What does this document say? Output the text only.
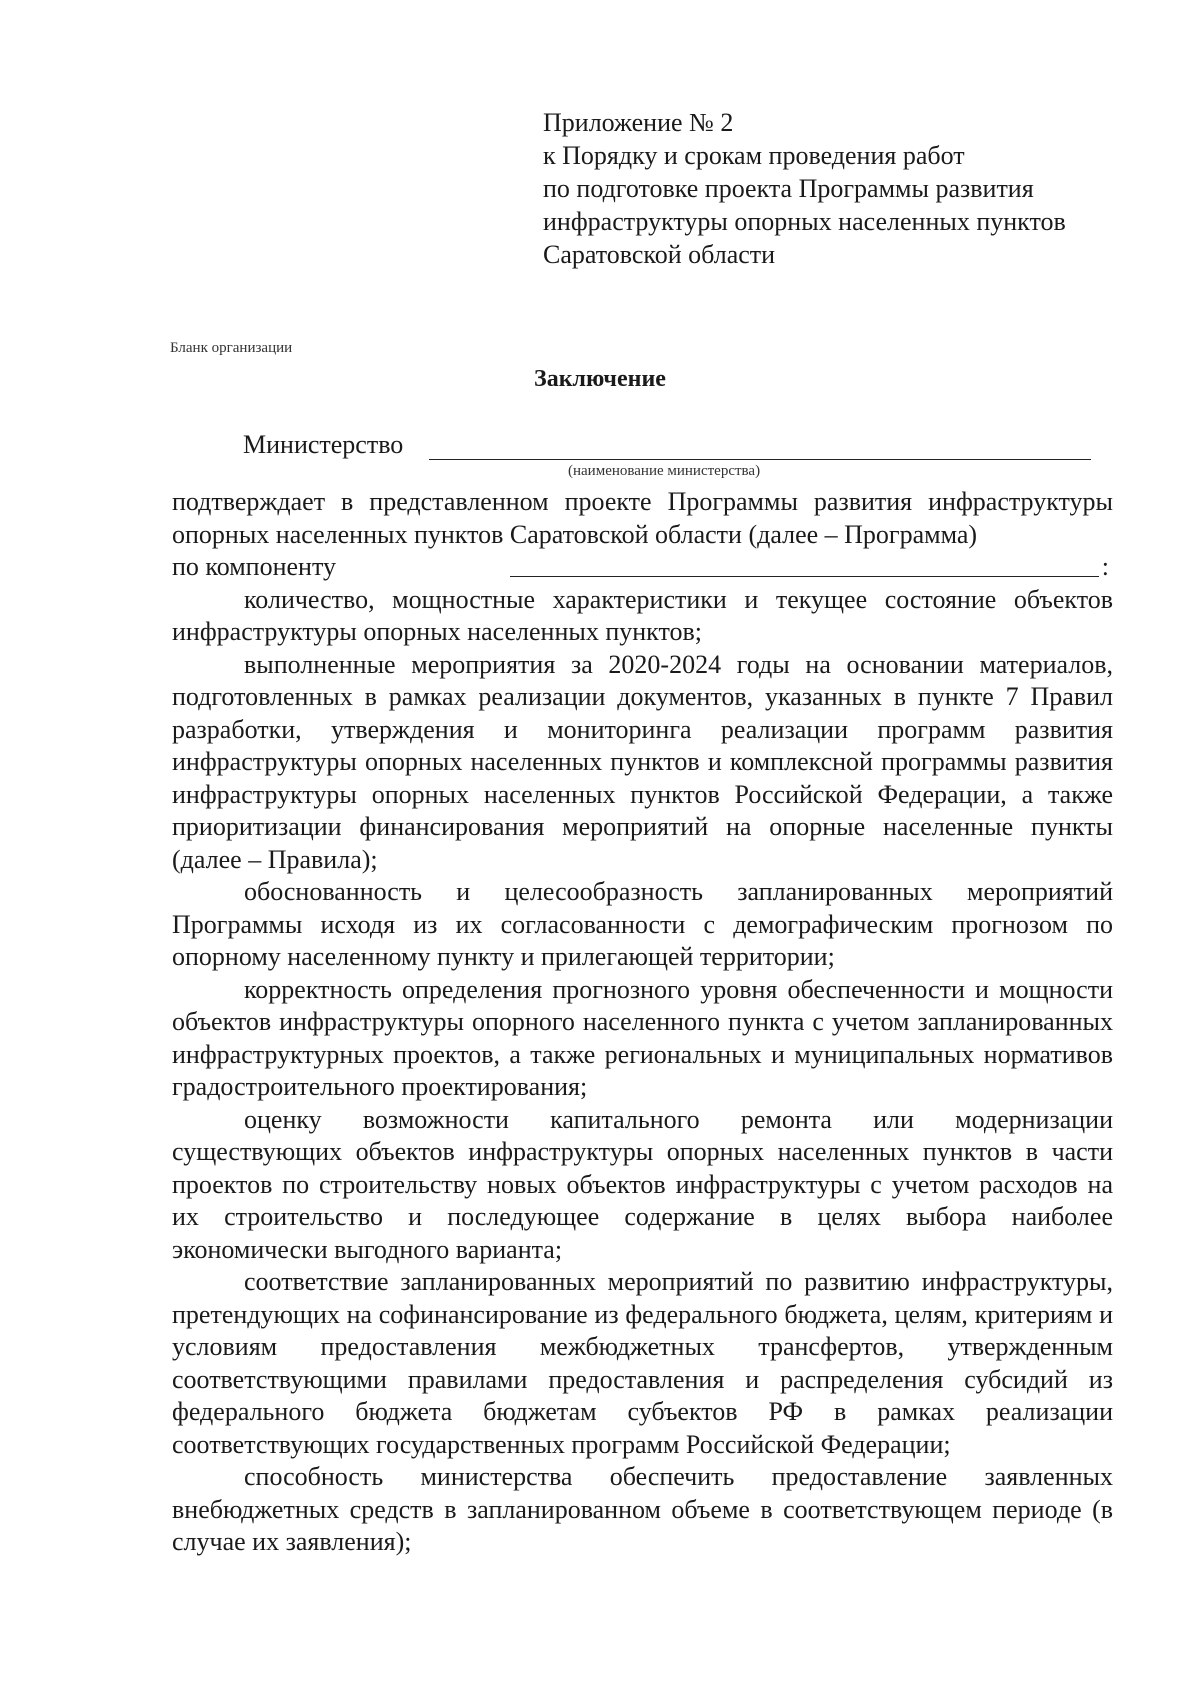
Приложение № 2
к Порядку и срокам проведения работ
по подготовке проекта Программы развития
инфраструктуры опорных населенных пунктов
Саратовской области
Бланк организации
Заключение
Министерство
(наименование министерства)

подтверждает в представленном проекте Программы развития инфраструктуры опорных населенных пунктов Саратовской области (далее – Программа)

по компоненту	:

количество, мощностные характеристики и текущее состояние объектов инфраструктуры опорных населенных пунктов;

выполненные мероприятия за 2020-2024 годы на основании материалов, подготовленных в рамках реализации документов, указанных в пункте 7 Правил разработки, утверждения и мониторинга реализации программ развития инфраструктуры опорных населенных пунктов и комплексной программы развития инфраструктуры опорных населенных пунктов Российской Федерации, а также приоритизации финансирования мероприятий на опорные населенные пункты (далее – Правила);

обоснованность и целесообразность запланированных мероприятий Программы исходя из их согласованности с демографическим прогнозом по опорному населенному пункту и прилегающей территории;

корректность определения прогнозного уровня обеспеченности и мощности объектов инфраструктуры опорного населенного пункта с учетом запланированных инфраструктурных проектов, а также региональных и муниципальных нормативов градостроительного проектирования;

оценку возможности капитального ремонта или модернизации существующих объектов инфраструктуры опорных населенных пунктов в части проектов по строительству новых объектов инфраструктуры с учетом расходов на их строительство и последующее содержание в целях выбора наиболее экономически выгодного варианта;

соответствие запланированных мероприятий по развитию инфраструктуры, претендующих на софинансирование из федерального бюджета, целям, критериям и условиям предоставления межбюджетных трансфертов, утвержденным соответствующими правилами предоставления и распределения субсидий из федерального бюджета бюджетам субъектов РФ в рамках реализации соответствующих государственных программ Российской Федерации;

способность министерства обеспечить предоставление заявленных внебюджетных средств в запланированном объеме в соответствующем периоде (в случае их заявления);
